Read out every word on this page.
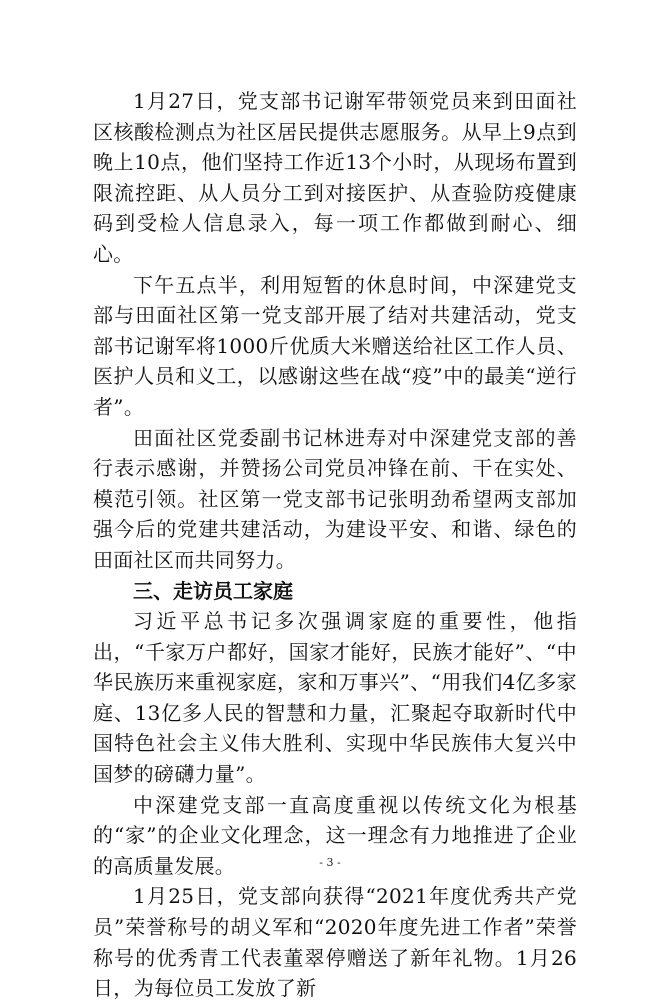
1月27日，党支部书记谢军带领党员来到田面社区核酸检测点为社区居民提供志愿服务。从早上9点到晚上10点，他们坚持工作近13个小时，从现场布置到限流控距、从人员分工到对接医护、从查验防疫健康码到受检人信息录入，每一项工作都做到耐心、细心。

下午五点半，利用短暂的休息时间，中深建党支部与田面社区第一党支部开展了结对共建活动，党支部书记谢军将1000斤优质大米赠送给社区工作人员、医护人员和义工，以感谢这些在战“疫”中的最美“逆行者”。

田面社区党委副书记林进寿对中深建党支部的善行表示感谢，并赞扬公司党员冲锋在前、干在实处、模范引领。社区第一党支部书记张明劲希望两支部加强今后的党建共建活动，为建设平安、和谐、绿色的田面社区而共同努力。

三、走访员工家庭

习近平总书记多次强调家庭的重要性，他指出，“千家万户都好，国家才能好，民族才能好”、“中华民族历来重视家庭，家和万事兴”、“用我们4亿多家庭、13亿多人民的智慧和力量，汇聚起夺取新时代中国特色社会主义伟大胜利、实现中华民族伟大复兴中国梦的磅礴力量”。

中深建党支部一直高度重视以传统文化为根基的“家”的企业文化理念，这一理念有力地推进了企业的高质量发展。

1月25日，党支部向获得“2021年度优秀共产党员”荣誉称号的胡义军和“2020年度先进工作者”荣誉称号的优秀青工代表董翠停赠送了新年礼物。1月26日，为每位员工发放了新

- 3 -
